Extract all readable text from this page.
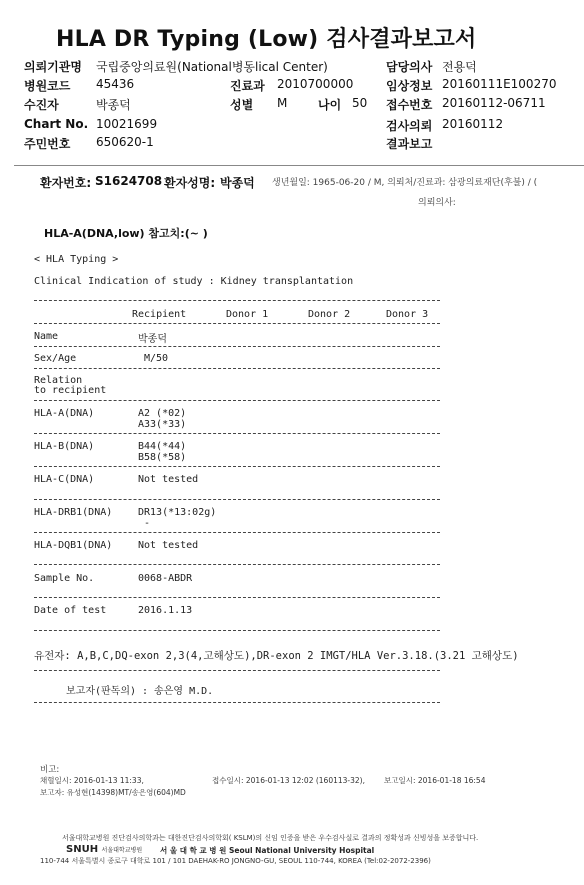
HLA DR Typing (Low) 검사결과보고서
의뢰기관명 국립중앙의료원(National병동lical Center)
병원코드 45436
수진자	박종덕
Chart No. 10021699
주민번호 650620-1
진료과 2010700000
성별 M	나이 50
담당의사 전용덕
임상정보 20160111E100270
접수번호 20160112-06711
검사의뢰 20160112
결과보고
환자번호: S1624708 환자성명: 박종덕 생년월일: 1965-06-20 / M, 의뢰처/진료과: 삼광의료재단(후불) / (
의뢰의사:
HLA-A(DNA,low) 참고치:(~ )
< HLA Typing >
Clinical Indication of study : Kidney transplantation
Recipient	Donor 1	Donor 2	Donor 3
Name	박종덕
Sex/Age	M/50
Relation
to recipient
HLA-A(DNA)	A2 (*02)
A33(*33)
HLA-B(DNA)	B44(*44)
B58(*58)
HLA-C(DNA)	Not tested
HLA-DRB1(DNA)	DR13(*13:02g)
-
HLA-DQB1(DNA)	Not tested
Sample No.	0068-ABDR
Date of test	2016.1.13
유전자: A,B,C,DQ-exon 2,3(4,고해상도),DR-exon 2 IMGT/HLA Ver.3.18.(3.21 고해상도)
보고자(판독의) : 송은영 M.D.
비고:
채혈일시: 2016-01-13 11:33,	접수일시: 2016-01-13 12:02 (160113-32),	보고일시: 2016-01-18 16:54
보고자: 유성현(14398)MT/송은영(604)MD
서울대학교병원 진단검사의학과는 대한진단검사의학회( KSLM)의 신임 인증을 받은 우수검사실로 결과의 정확성과 신빙성을 보증합니다.
SNUH 서울대학교병원 서 울 대 학 교 병 원 Seoul National University Hospital
110-744 서울특별시 종로구 대학로 101 / 101 DAEHAK-RO JONGNO-GU, SEOUL 110-744, KOREA (Tel:02-2072-2396)
